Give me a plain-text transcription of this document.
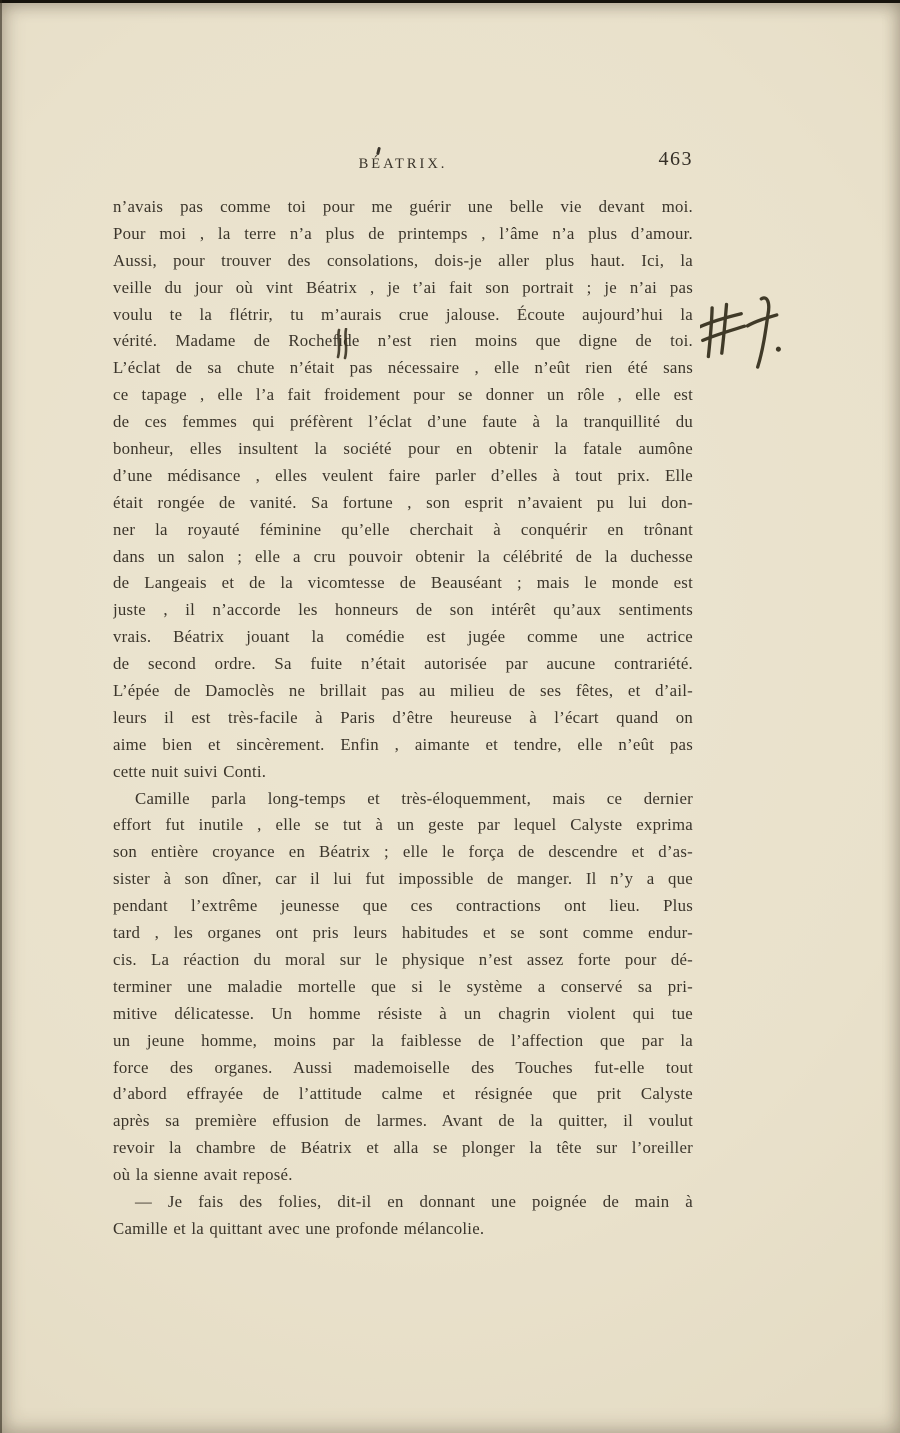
BÉATRIX.	463
n’avais pas comme toi pour me guérir une belle vie devant moi.
Pour moi , la terre n’a plus de printemps , l’âme n’a plus d’amour.
Aussi, pour trouver des consolations, dois-je aller plus haut. Ici, la
veille du jour où vint Béatrix , je t’ai fait son portrait ; je n’ai pas
voulu te la flétrir, tu m’aurais crue jalouse. Écoute aujourd’hui la
vérité. Madame de Rochefide n’est rien moins que digne de toi.
L’éclat de sa chute n’était pas nécessaire , elle n’eût rien été sans
ce tapage , elle l’a fait froidement pour se donner un rôle , elle est
de ces femmes qui préfèrent l’éclat d’une faute à la tranquillité du
bonheur, elles insultent la société pour en obtenir la fatale aumône
d’une médisance , elles veulent faire parler d’elles à tout prix. Elle
était rongée de vanité. Sa fortune , son esprit n’avaient pu lui don-
ner la royauté féminine qu’elle cherchait à conquérir en trônant
dans un salon ; elle a cru pouvoir obtenir la célébrité de la duchesse
de Langeais et de la vicomtesse de Beauséant ; mais le monde est
juste , il n’accorde les honneurs de son intérêt qu’aux sentiments
vrais. Béatrix jouant la comédie est jugée comme une actrice
de second ordre. Sa fuite n’était autorisée par aucune contrariété.
L’épée de Damoclès ne brillait pas au milieu de ses fêtes, et d’ail-
leurs il est très-facile à Paris d’être heureuse à l’écart quand on
aime bien et sincèrement. Enfin , aimante et tendre, elle n’eût pas
cette nuit suivi Conti.
Camille parla long-temps et très-éloquemment, mais ce dernier
effort fut inutile , elle se tut à un geste par lequel Calyste exprima
son entière croyance en Béatrix ; elle le força de descendre et d’as-
sister à son dîner, car il lui fut impossible de manger. Il n’y a que
pendant l’extrême jeunesse que ces contractions ont lieu. Plus
tard , les organes ont pris leurs habitudes et se sont comme endur-
cis. La réaction du moral sur le physique n’est assez forte pour dé-
terminer une maladie mortelle que si le système a conservé sa pri-
mitive délicatesse. Un homme résiste à un chagrin violent qui tue
un jeune homme, moins par la faiblesse de l’affection que par la
force des organes. Aussi mademoiselle des Touches fut-elle tout
d’abord effrayée de l’attitude calme et résignée que prit Calyste
après sa première effusion de larmes. Avant de la quitter, il voulut
revoir la chambre de Béatrix et alla se plonger la tête sur l’oreiller
où la sienne avait reposé.
— Je fais des folies, dit-il en donnant une poignée de main à
Camille et la quittant avec une profonde mélancolie.
